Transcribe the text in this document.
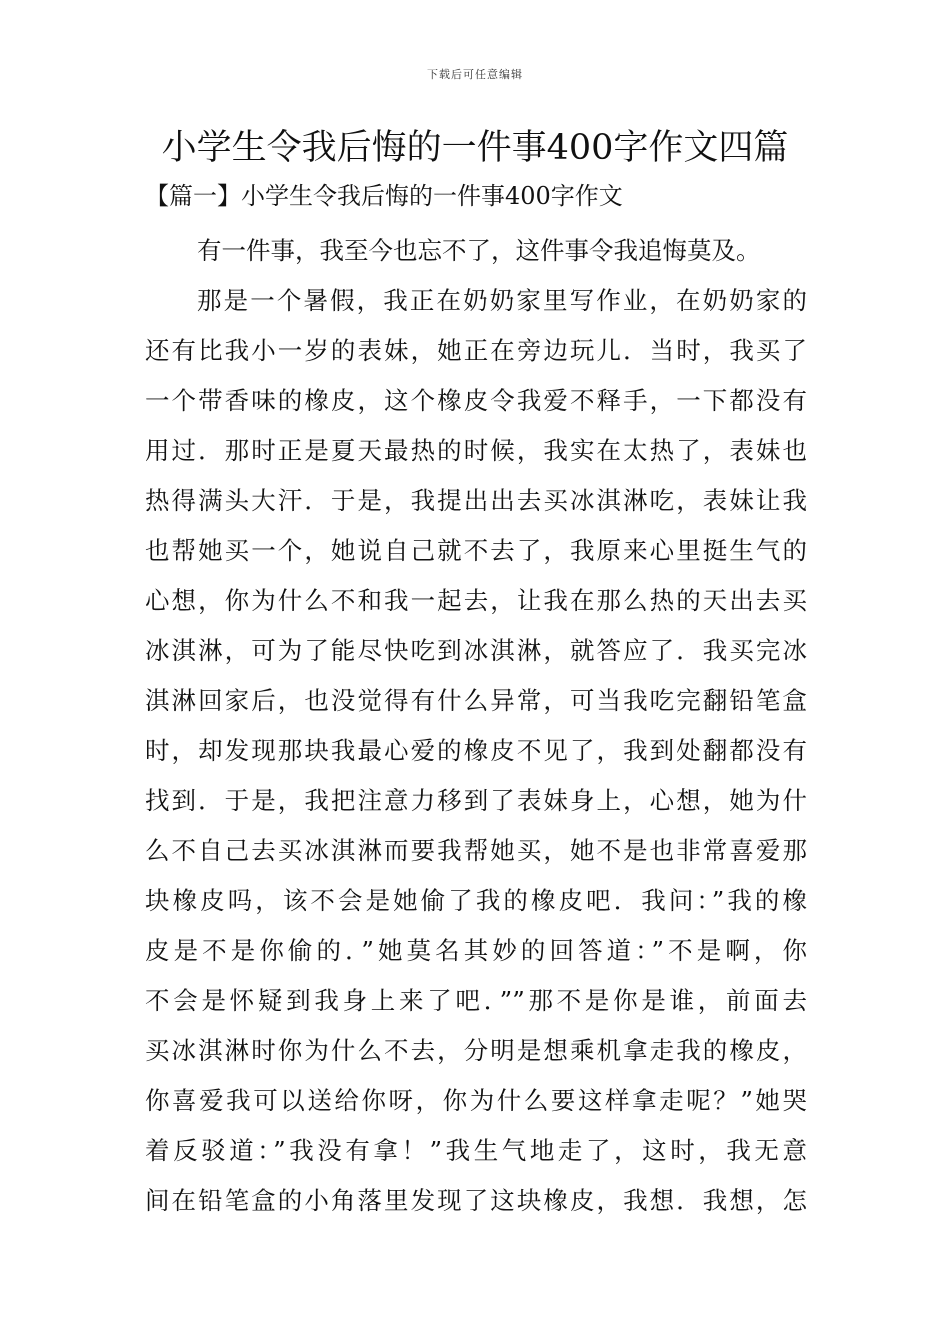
下载后可任意编辑
小学生令我后悔的一件事400字作文四篇
【篇一】小学生令我后悔的一件事400字作文
有一件事，我至今也忘不了，这件事令我追悔莫及。
那是一个暑假，我正在奶奶家里写作业，在奶奶家的
还有比我小一岁的表妹，她正在旁边玩儿．当时，我买了
一个带香味的橡皮，这个橡皮令我爱不释手，一下都没有
用过．那时正是夏天最热的时候，我实在太热了，表妹也
热得满头大汗．于是，我提出出去买冰淇淋吃，表妹让我
也帮她买一个，她说自己就不去了，我原来心里挺生气的
心想，你为什么不和我一起去，让我在那么热的天出去买
冰淇淋，可为了能尽快吃到冰淇淋，就答应了．我买完冰
淇淋回家后，也没觉得有什么异常，可当我吃完翻铅笔盒
时，却发现那块我最心爱的橡皮不见了，我到处翻都没有
找到．于是，我把注意力移到了表妹身上，心想，她为什
么不自己去买冰淇淋而要我帮她买，她不是也非常喜爱那
块橡皮吗，该不会是她偷了我的橡皮吧．我问：”我的橡
皮是不是你偷的．”她莫名其妙的回答道：”不是啊，你
不会是怀疑到我身上来了吧．””那不是你是谁，前面去
买冰淇淋时你为什么不去，分明是想乘机拿走我的橡皮，
你喜爱我可以送给你呀，你为什么要这样拿走呢？”她哭
着反驳道：”我没有拿！”我生气地走了，这时，我无意
间在铅笔盒的小角落里发现了这块橡皮，我想．我想，怎
